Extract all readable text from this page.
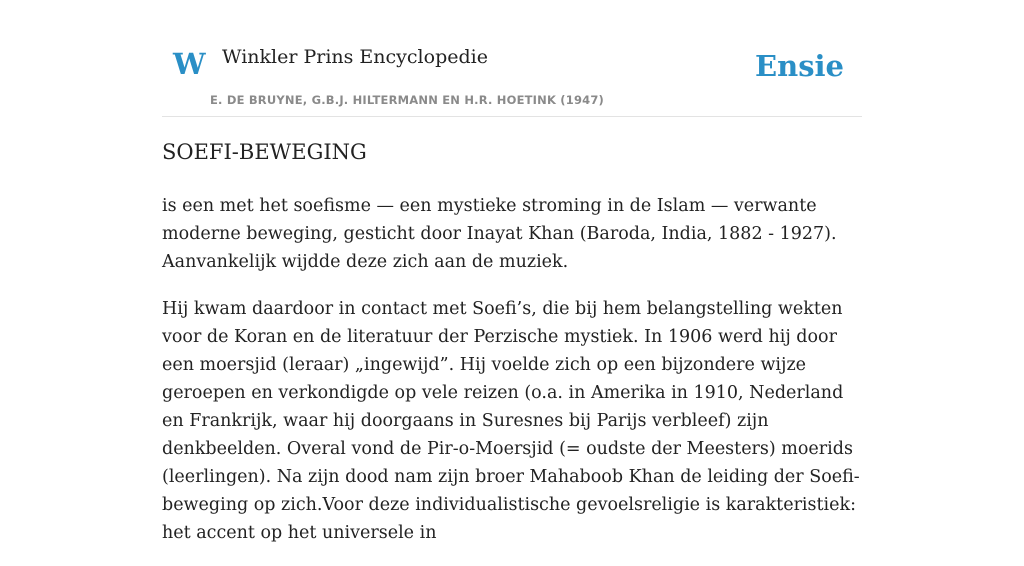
W Winkler Prins Encyclopedie
E. DE BRUYNE, G.B.J. HILTERMANN EN H.R. HOETINK (1947)
Ensie
SOEFI-BEWEGING

is een met het soefisme — een mystieke stroming in de Islam — verwante moderne beweging, gesticht door Inayat Khan (Baroda, India, 1882 - 1927). Aanvankelijk wijdde deze zich aan de muziek.

Hij kwam daardoor in contact met Soefi’s, die bij hem belangstelling wekten voor de Koran en de literatuur der Perzische mystiek. In 1906 werd hij door een moersjid (leraar) „ingewijd”. Hij voelde zich op een bijzondere wijze geroepen en verkondigde op vele reizen (o.a. in Amerika in 1910, Nederland en Frankrijk, waar hij doorgaans in Suresnes bij Parijs verbleef) zijn denkbeelden. Overal vond de Pir-o-Moersjid (= oudste der Meesters) moerids (leerlingen). Na zijn dood nam zijn broer Mahaboob Khan de leiding der Soefi-beweging op zich.Voor deze individualistische gevoelsreligie is karakteristiek: het accent op het universele in
